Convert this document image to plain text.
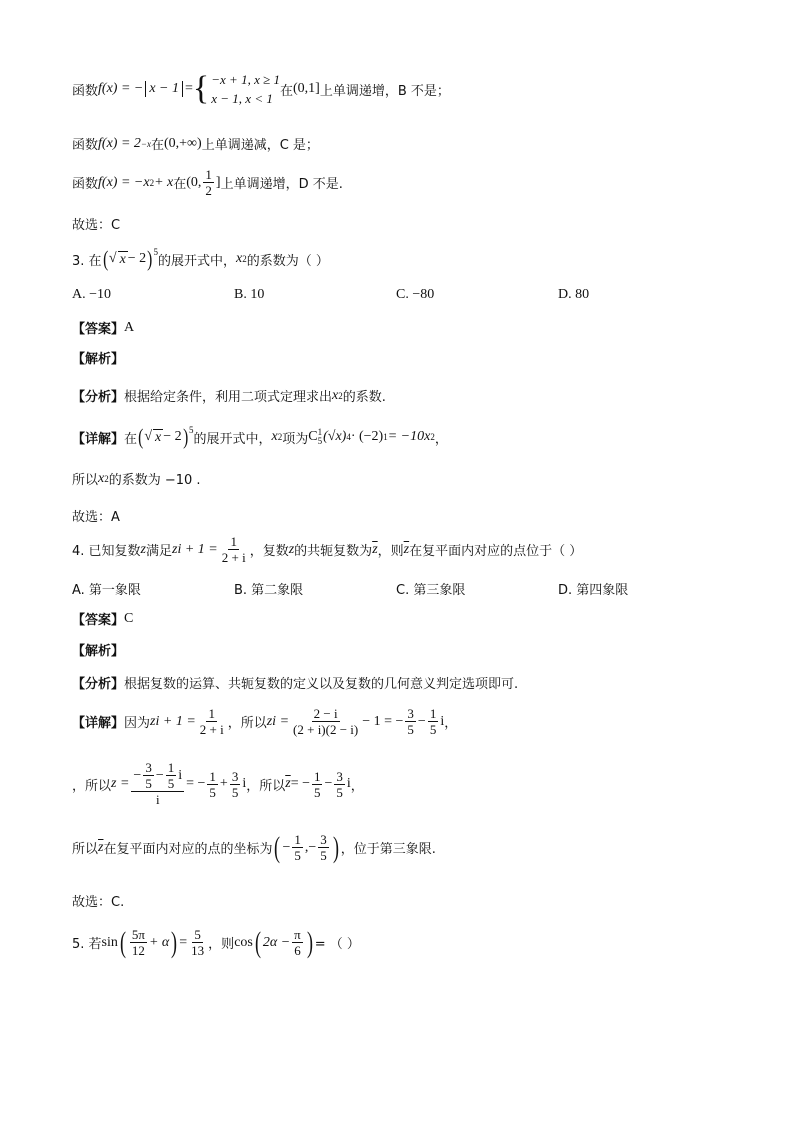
函数 f(x) = − x − 1 = { −x + 1, x ≥ 1
x − 1, x < 1 在 (0,1] 上单调递增，B 不是；
函数 f(x) = 2 −x 在 (0,+∞) 上单调递减，C 是；
函数 f(x) = −x 2 + x 在 (0, $\frac{1}{2}$ ] 上单调递增，D 不是.
故选：C
3. 在 ( √ x − 2 ) 5
的展开式中， x 2 的系数为（ ）
A. −10	B. 10	C. −80	D. 80
【答案】 A
【解析】
【分析】 根据给定条件，利用二项式定理求出 x 2 的系数.
【详解】 在 ( √ x − 2 ) 5
的展开式中， x 2 项为 C 1
5 (√x) 4 · (−2) 1 = −10x 2 ，
所以 x 2 的系数为 −10 .
故选：A
4. 已知复数 z 满足 zi + $1 = \frac{1}{2 + i}$ ，复数 z 的共轭复数为 $\overline{z}$ ，则 $\overline{z}$ 在复平面内对应的点位于（ ）
A. 第一象限	B. 第二象限	C. 第三象限	D. 第四象限
【答案】 C
【解析】
【分析】 根据复数的运算、共轭复数的定义以及复数的几何意义判定选项即可.
【详解】 因为 zi + $1 = \frac{1}{2 + i}$ ，所以 zi = $\frac{2 - i}{(2 + i)(2 - i)} - 1$ = − $\frac{3}{5} - \frac{1}{5}$ i ，
，所以 z =
− $\frac{3}{5} - \frac{1}{5}$ i
i
= − $\frac{1}{5} + \frac{3}{5}$ i ，所以 $\overline{z}$ = − $\frac{1}{5} - \frac{3}{5}$ i ，
所以 $\overline{z}$ 在复平面内对应的点的坐标为 ( − $\frac{1}{5}$ ,− $\frac{3}{5}$ ) ，位于第三象限.
故选：C.
5. 若 sin ( $\frac{5\pi}{12} + \alpha$ ) = $\frac{5}{13}$ ，则 cos ( $2\alpha - \frac{\pi}{6}$ ) = （ ）
